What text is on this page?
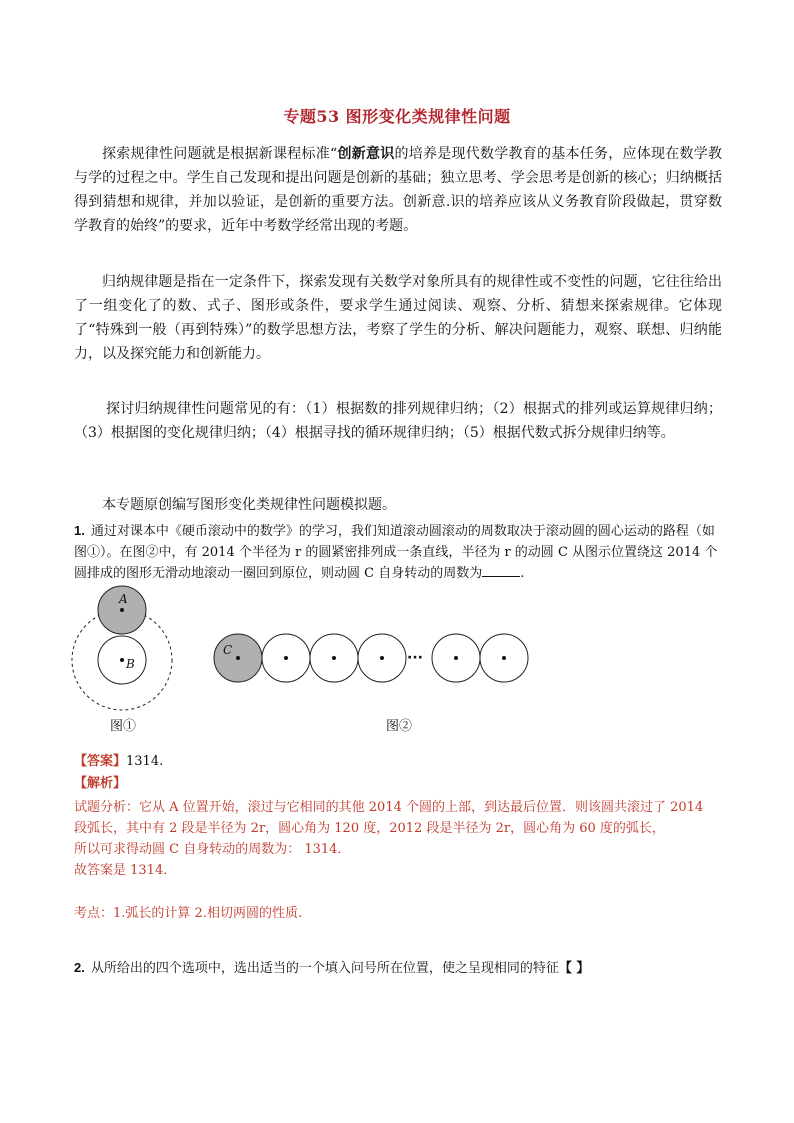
专题53 图形变化类规律性问题

探索规律性问题就是根据新课程标准“创新意识的培养是现代数学教育的基本任务，应体现在数学教与学的过程之中。学生自己发现和提出问题是创新的基础；独立思考、学会思考是创新的核心；归纳概括得到猜想和规律，并加以验证，是创新的重要方法。创新意.识的培养应该从义务教育阶段做起，贯穿数学教育的始终”的要求，近年中考数学经常出现的考题。

归纳规律题是指在一定条件下，探索发现有关数学对象所具有的规律性或不变性的问题，它往往给出了一组变化了的数、式子、图形或条件，要求学生通过阅读、观察、分析、猜想来探索规律。它体现了“特殊到一般（再到特殊）”的数学思想方法，考察了学生的分析、解决问题能力，观察、联想、归纳能力，以及探究能力和创新能力。

探讨归纳规律性问题常见的有：（1）根据数的排列规律归纳；（2）根据式的排列或运算规律归纳；（3）根据图的变化规律归纳；（4）根据寻找的循环规律归纳；（5）根据代数式拆分规律归纳等。

本专题原创编写图形变化类规律性问题模拟题。

1. 通过对课本中《硬币滚动中的数学》的学习，我们知道滚动圆滚动的周数取决于滚动圆的圆心运动的路程（如图①）。在图②中，有 2014 个半径为 r 的圆紧密排列成一条直线，半径为 r 的动圆 C 从图示位置绕这 2014 个圆排成的图形无滑动地滚动一圈回到原位，则动圆 C 自身转动的周数为	.

A
B
C	···
图①	图②

【答案】1314.

【解析】

试题分析：它从 A 位置开始，滚过与它相同的其他 2014 个圆的上部，到达最后位置．则该圆共滚过了 2014
段弧长，其中有 2 段是半径为 2r，圆心角为 120 度，2012 段是半径为 2r，圆心角为 60 度的弧长，
所以可求得动圆 C 自身转动的周数为： 1314．
故答案是 1314．

考点：1.弧长的计算 2.相切两圆的性质.

2. 从所给出的四个选项中，选出适当的一个填入问号所在位置，使之呈现相同的特征【 】
